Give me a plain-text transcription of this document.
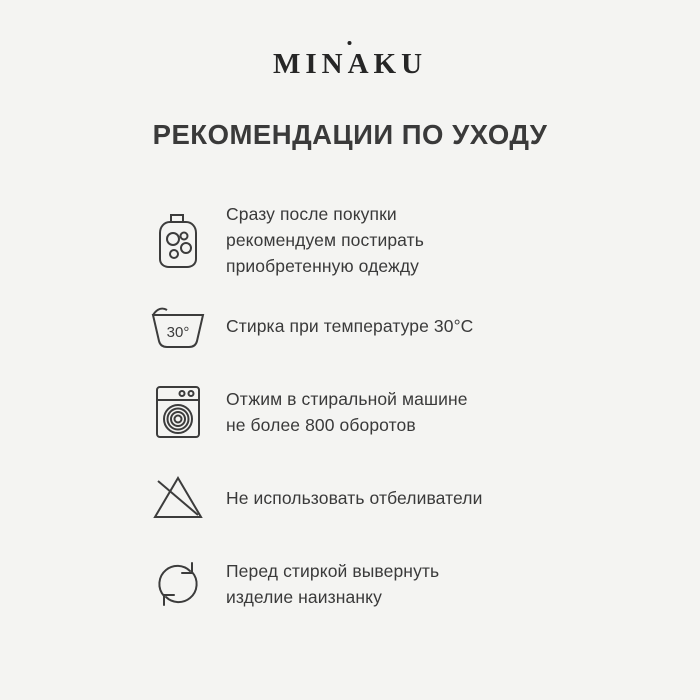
MINAKU
РЕКОМЕНДАЦИИ ПО УХОДУ
Сразу после покупки
рекомендуем постирать
приобретенную одежду
30° Стирка при температуре 30°C
Отжим в стиральной машине
не более 800 оборотов
Не использовать отбеливатели
Перед стиркой вывернуть
изделие наизнанку
